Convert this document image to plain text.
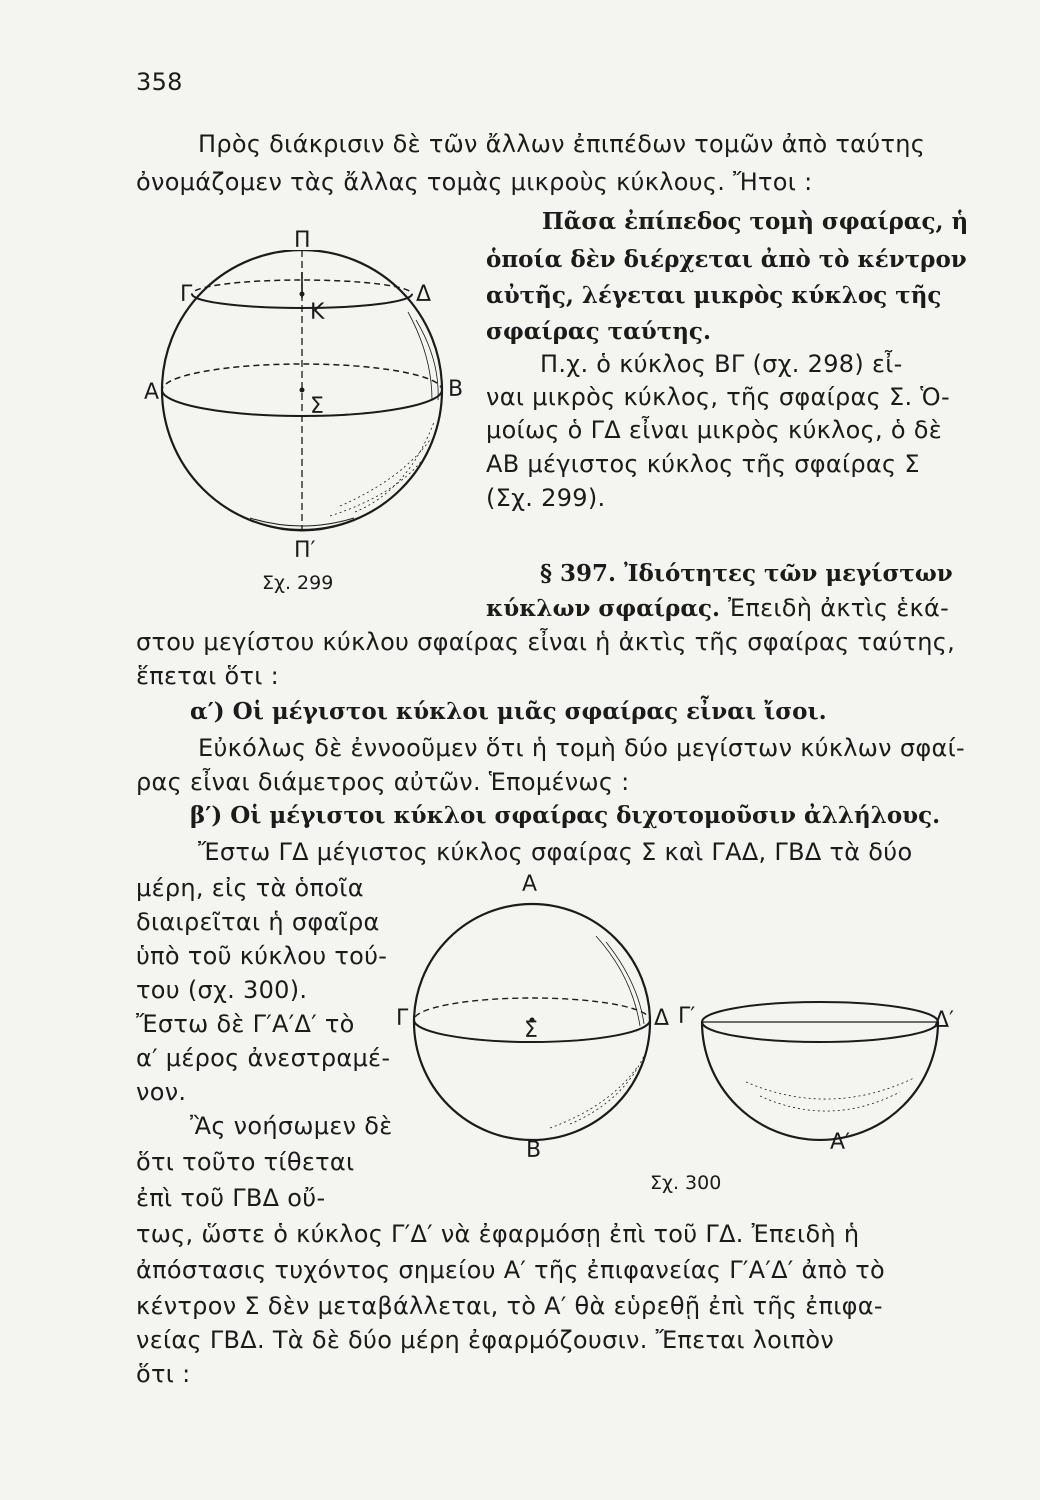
358
Πρὸς διάκρισιν δὲ τῶν ἄλλων ἐπιπέδων τομῶν ἀπὸ ταύτης
ὀνομάζομεν τὰς ἄλλας τομὰς μικροὺς κύκλους. Ἤτοι :
Πᾶσα ἐπίπεδος τομὴ σφαίρας, ἡ
ὁποία δὲν διέρχεται ἀπὸ τὸ κέντρον
αὐτῆς, λέγεται μικρὸς κύκλος τῆς
σφαίρας ταύτης.
Π.χ. ὁ κύκλος ΒΓ (σχ. 298) εἶ-
ναι μικρὸς κύκλος, τῆς σφαίρας Σ. Ὁ-
μοίως ὁ ΓΔ εἶναι μικρὸς κύκλος, ὁ δὲ
ΑΒ μέγιστος κύκλος τῆς σφαίρας Σ
(Σχ. 299).
Π
Π′
Γ	Δ
Κ
Α	Β
Σ
Σχ. 299	§ 397. Ἰδιότητες τῶν μεγίστων
κύκλων σφαίρας. Ἐπειδὴ ἀκτὶς ἑκά-
στου μεγίστου κύκλου σφαίρας εἶναι ἡ ἀκτὶς τῆς σφαίρας ταύτης,
ἕπεται ὅτι :
α′) Οἱ μέγιστοι κύκλοι μιᾶς σφαίρας εἶναι ἴσοι.
Εὐκόλως δὲ ἐννοοῦμεν ὅτι ἡ τομὴ δύο μεγίστων κύκλων σφαί-
ρας εἶναι διάμετρος αὐτῶν. Ἑπομένως :
β′) Οἱ μέγιστοι κύκλοι σφαίρας διχοτομοῦσιν ἀλλήλους.
Ἔστω ΓΔ μέγιστος κύκλος σφαίρας Σ καὶ ΓΑΔ, ΓΒΔ τὰ δύο
μέρη, εἰς τὰ ὁποῖα
διαιρεῖται ἡ σφαῖρα
ὑπὸ τοῦ κύκλου τού-
του (σχ. 300).
Ἔστω δὲ Γ′Α′Δ′ τὸ
α′ μέρος ἀνεστραμέ-
νον.
Ἂς νοήσωμεν δὲ
ὅτι τοῦτο τίθεται
ἐπὶ τοῦ ΓΒΔ οὔ-
Α
Β
Γ	Δ
Σ
Γ′	Δ′
Α′
Σχ. 300
τως, ὥστε ὁ κύκλος Γ′Δ′ νὰ ἐφαρμόσῃ ἐπὶ τοῦ ΓΔ. Ἐπειδὴ ἡ
ἀπόστασις τυχόντος σημείου Α′ τῆς ἐπιφανείας Γ′Α′Δ′ ἀπὸ τὸ
κέντρον Σ δὲν μεταβάλλεται, τὸ Α′ θὰ εὑρεθῇ ἐπὶ τῆς ἐπιφα-
νείας ΓΒΔ. Τὰ δὲ δύο μέρη ἐφαρμόζουσιν. Ἔπεται λοιπὸν
ὅτι :
